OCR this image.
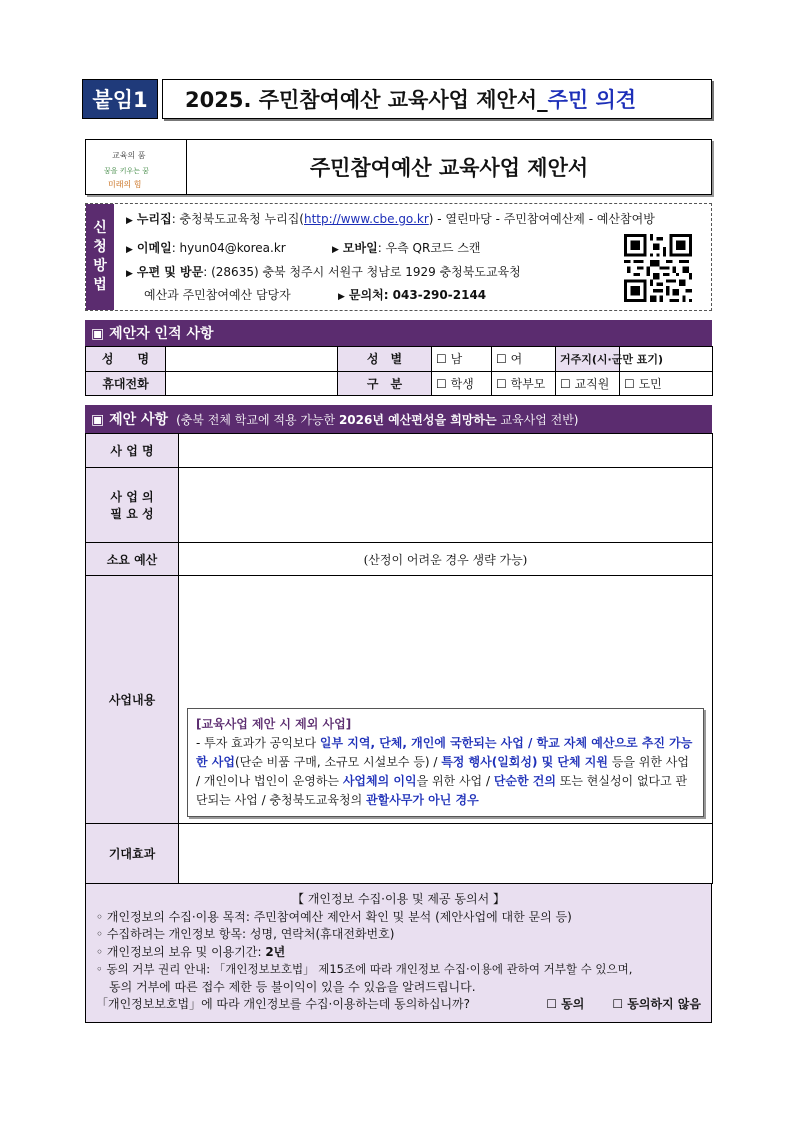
붙임1	2025. 주민참여예산 교육사업 제안서_ 주민 의견
교육의 품
꿈을 키우는 꿈
미래의 힘
주민참여예산 교육사업 제안서
신
청
방
법
▶ 누리집: 충청북도교육청 누리집(http://www.cbe.go.kr) - 열린마당 - 주민참여예산제 - 예산참여방
▶ 이메일: hyun04@korea.kr	▶ 모바일: 우측 QR코드 스캔
▶ 우편 및 방문: (28635) 충북 청주시 서원구 청남로 1929 충청북도교육청
예산과 주민참여예산 담당자	▶ 문의처: 043-290-2144
▣ 제안자 인적 사항
성　　명		성　별	☐ 남	☐ 여	거주지(시·군만 표기)	
휴대전화		구　분	☐ 학생	☐ 학부모	☐ 교직원	☐ 도민
▣ 제안 사항 (충북 전체 학교에 적용 가능한 2026년 예산편성을 희망하는 교육사업 전반)
사 업 명	

사 업 의
필 요 성	

소요 예산	(산정이 어려운 경우 생략 가능)
사업내용	[교육사업 제안 시 제외 사업]
- 투자 효과가 공익보다 일부 지역, 단체, 개인에 국한되는 사업 / 학교 자체 예산으로 추진 가능한 사업(단순 비품 구매, 소규모 시설보수 등) / 특정 행사(일회성) 및 단체 지원 등을 위한 사업 / 개인이나 법인이 운영하는 사업체의 이익을 위한 사업 / 단순한 건의 또는 현실성이 없다고 판단되는 사업 / 충청북도교육청의 관할사무가 아닌 경우

기대효과	
【 개인정보 수집·이용 및 제공 동의서 】
◦ 개인정보의 수집·이용 목적: 주민참여예산 제안서 확인 및 분석 (제안사업에 대한 문의 등)
◦ 수집하려는 개인정보 항목: 성명, 연락처(휴대전화번호)
◦ 개인정보의 보유 및 이용기간: 2년
◦ 동의 거부 권리 안내: 「개인정보보호법」 제15조에 따라 개인정보 수집·이용에 관하여 거부할 수 있으며,
동의 거부에 따른 접수 제한 등 불이익이 있을 수 있음을 알려드립니다.
「개인정보보호법」에 따라 개인정보를 수집·이용하는데 동의하십니까?	☐ 동의 ☐ 동의하지 않음
